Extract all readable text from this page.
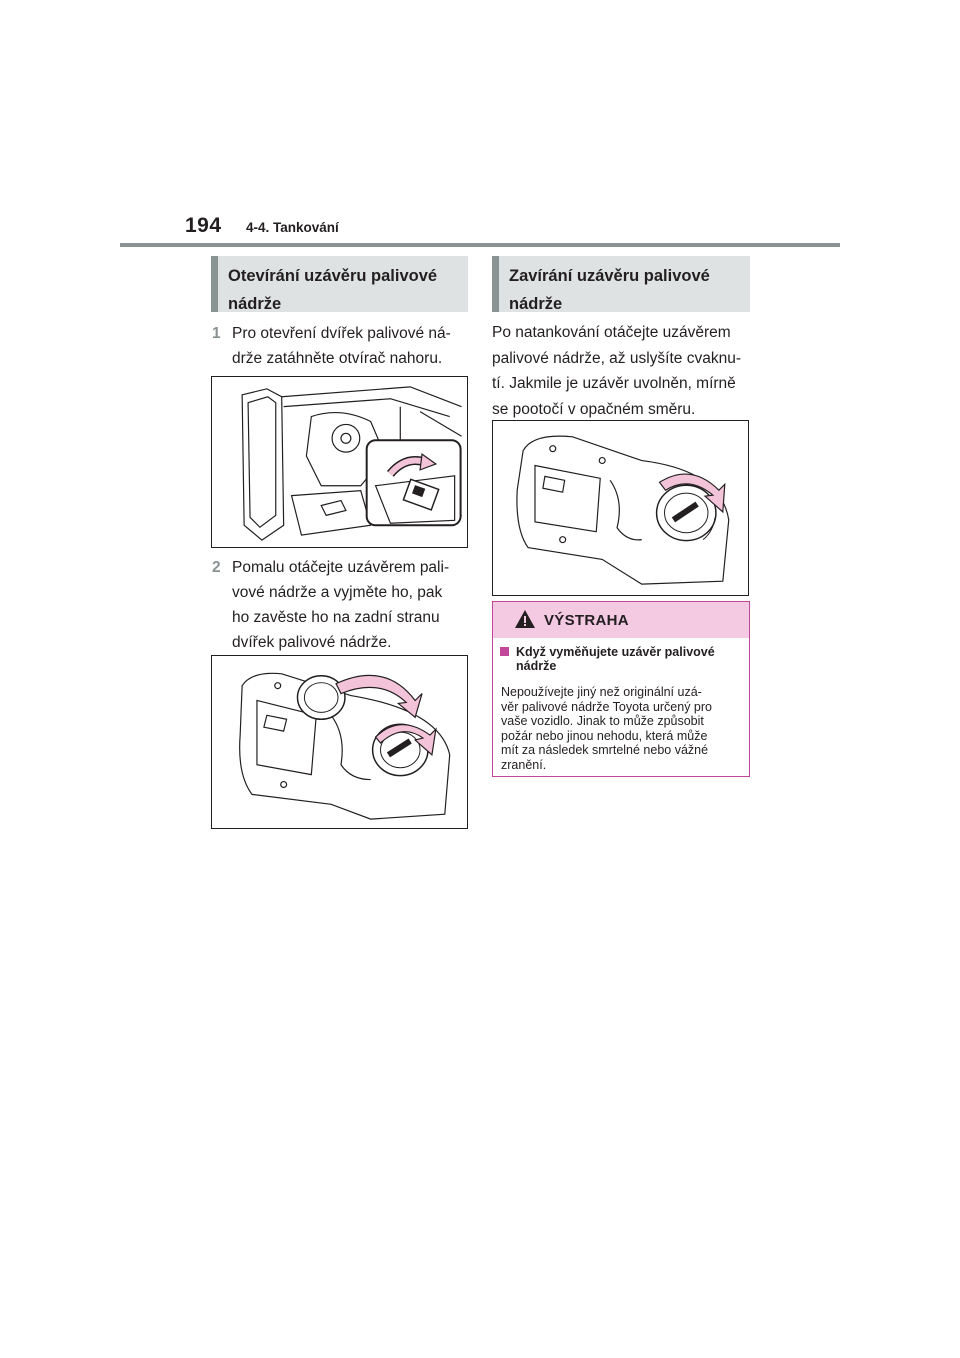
194 4-4. Tankování
Otevírání uzávěru palivové
nádrže
1 Pro otevření dvířek palivové ná-
drže zatáhněte otvírač nahoru.
2 Pomalu otáčejte uzávěrem pali-
vové nádrže a vyjměte ho, pak
ho zavěste ho na zadní stranu
dvířek palivové nádrže.
Zavírání uzávěru palivové
nádrže
Po natankování otáčejte uzávěrem
palivové nádrže, až uslyšíte cvaknu-
tí. Jakmile je uzávěr uvolněn, mírně
se pootočí v opačném směru.
VÝSTRAHA
Když vyměňujete uzávěr palivové
nádrže
Nepoužívejte jiný než originální uzá-
věr palivové nádrže Toyota určený pro
vaše vozidlo. Jinak to může způsobit
požár nebo jinou nehodu, která může
mít za následek smrtelné nebo vážné
zranění.
